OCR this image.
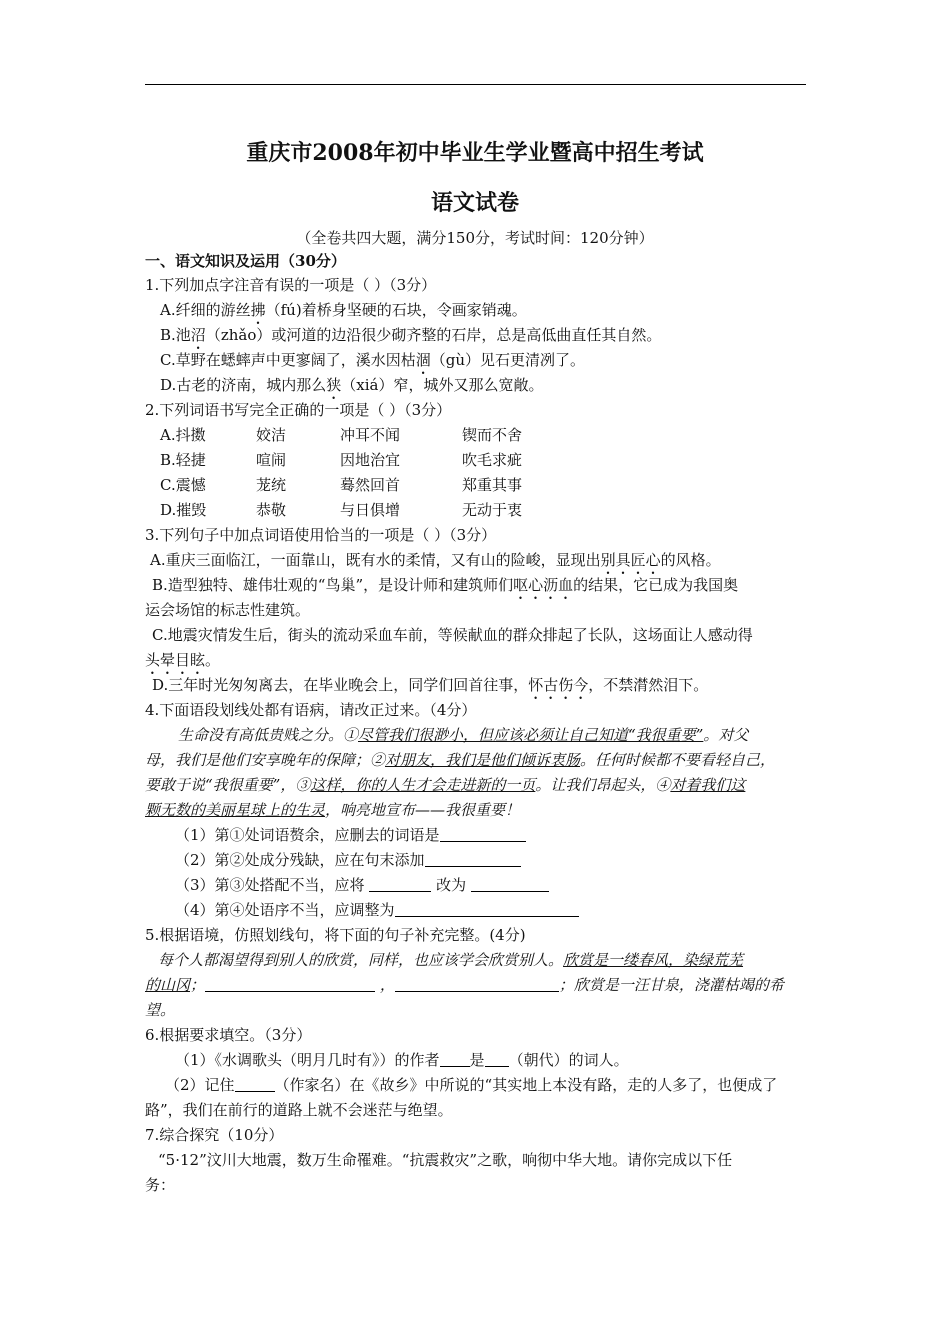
重庆市2008年初中毕业生学业暨高中招生考试
语文试卷
（全卷共四大题，满分150分，考试时间：120分钟）
一、语文知识及运用（30分）
1.下列加点字注音有误的一项是（ ）（3分）
A.纤细的游丝拂（fú)着桥身坚硬的石块，令画家销魂。
B.池沼（zhǎo）或河道的边沿很少砌齐整的石岸，总是高低曲直任其自然。
C.草野在蟋蟀声中更寥阔了，溪水因枯涸（gù）见石更清冽了。
D.古老的济南，城内那么狭（xiá）窄，城外又那么宽敞。
2.下列词语书写完全正确的一项是（ ）（3分）
A.抖擞	姣洁	冲耳不闻	锲而不舍
B.轻捷	喧闹	因地治宜	吹毛求疵
C.震憾	茏统	蓦然回首	郑重其事
D.摧毁	恭敬	与日俱增	无动于衷
3.下列句子中加点词语使用恰当的一项是（ ）（3分）
A.重庆三面临江，一面靠山，既有水的柔情，又有山的险峻，显现出别具匠心的风格。
B.造型独特、雄伟壮观的“鸟巢”，是设计师和建筑师们呕心沥血的结果，它已成为我国奥
运会场馆的标志性建筑。
C.地震灾情发生后，街头的流动采血车前，等候献血的群众排起了长队，这场面让人感动得
头晕目眩。
D.三年时光匆匆离去，在毕业晚会上，同学们回首往事，怀古伤今，不禁潸然泪下。
4.下面语段划线处都有语病，请改正过来。（4分）
生命没有高低贵贱之分。①尽管我们很渺小，但应该必须让自己知道“我很重要”。对父
母，我们是他们安享晚年的保障；②对朋友，我们是他们倾诉衷肠。任何时候都不要看轻自己，
要敢于说“我很重要”，③这样，你的人生才会走进新的一页。让我们昂起头，④对着我们这
颗无数的美丽星球上的生灵，响亮地宣布——我很重要！
（1）第①处词语赘余，应删去的词语是
（2）第②处成分残缺，应在句末添加
（3）第③处搭配不当，应将	改为
（4）第④处语序不当，应调整为
5.根据语境，仿照划线句，将下面的句子补充完整。(4分)
每个人都渴望得到别人的欣赏，同样，也应该学会欣赏别人。欣赏是一缕春风，染绿荒芜
的山冈；	，	；欣赏是一汪甘泉，浇灌枯竭的希
望。
6.根据要求填空。（3分）
（1）《水调歌头（明月几时有》）的作者 是 （朝代）的词人。
（2）记住	（作家名）在《故乡》中所说的“其实地上本没有路，走的人多了，也便成了
路”，我们在前行的道路上就不会迷茫与绝望。
7.综合探究（10分）
“5·12”汶川大地震，数万生命罹难。“抗震救灾”之歌，响彻中华大地。请你完成以下任
务：
